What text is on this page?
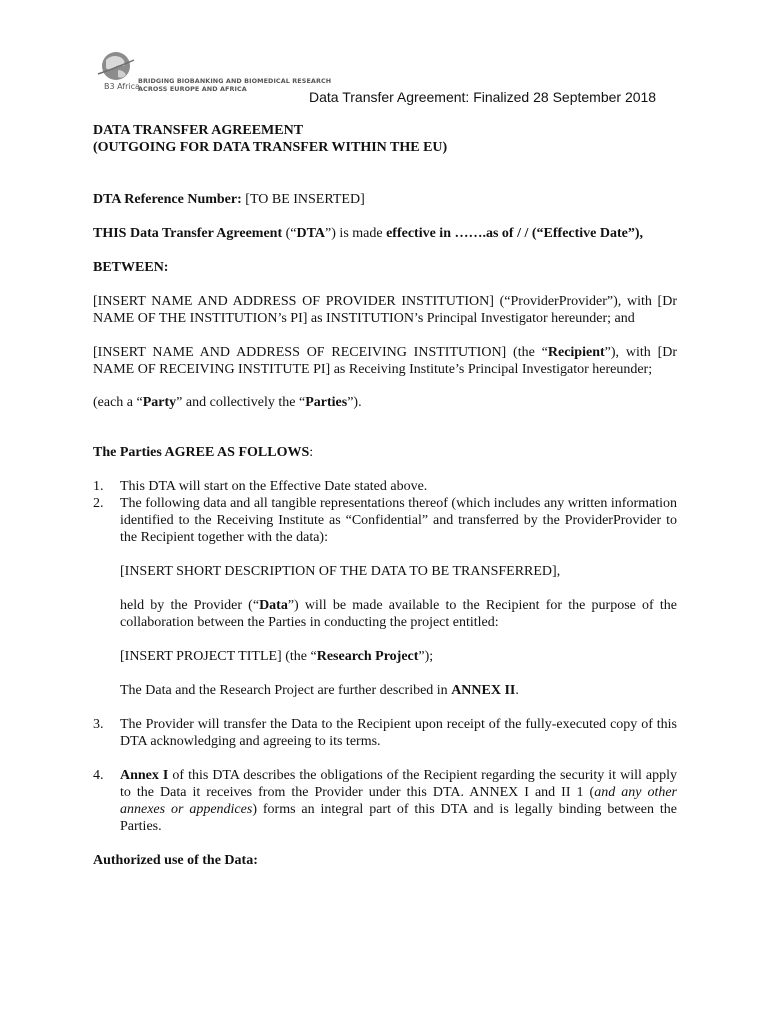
B3 Africa
BRIDGING BIOBANKING AND BIOMEDICAL RESEARCH
ACROSS EUROPE AND AFRICA	Data Transfer Agreement: Finalized 28 September 2018
DATA TRANSFER AGREEMENT
(OUTGOING FOR DATA TRANSFER WITHIN THE EU)

DTA Reference Number: [TO BE INSERTED]

THIS Data Transfer Agreement (“DTA”) is made effective in …….as of / / (“Effective Date”),

BETWEEN:

[INSERT NAME AND ADDRESS OF PROVIDER INSTITUTION] (“ProviderProvider”), with [Dr NAME OF THE INSTITUTION’s PI] as INSTITUTION’s Principal Investigator hereunder; and

[INSERT NAME AND ADDRESS OF RECEIVING INSTITUTION] (the “Recipient”), with [Dr NAME OF RECEIVING INSTITUTE PI] as Receiving Institute’s Principal Investigator hereunder;

(each a “Party” and collectively the “Parties”).

The Parties AGREE AS FOLLOWS:

1. This DTA will start on the Effective Date stated above.
2. The following data and all tangible representations thereof (which includes any written information identified to the Receiving Institute as “Confidential” and transferred by the ProviderProvider to the Recipient together with the data):

[INSERT SHORT DESCRIPTION OF THE DATA TO BE TRANSFERRED],

held by the Provider (“Data”) will be made available to the Recipient for the purpose of the collaboration between the Parties in conducting the project entitled:

[INSERT PROJECT TITLE] (the “Research Project”);

The Data and the Research Project are further described in ANNEX II.

3. The Provider will transfer the Data to the Recipient upon receipt of the fully-executed copy of this DTA acknowledging and agreeing to its terms.

4. Annex I of this DTA describes the obligations of the Recipient regarding the security it will apply to the Data it receives from the Provider under this DTA. ANNEX I and II 1 (and any other annexes or appendices) forms an integral part of this DTA and is legally binding between the Parties.

Authorized use of the Data:
